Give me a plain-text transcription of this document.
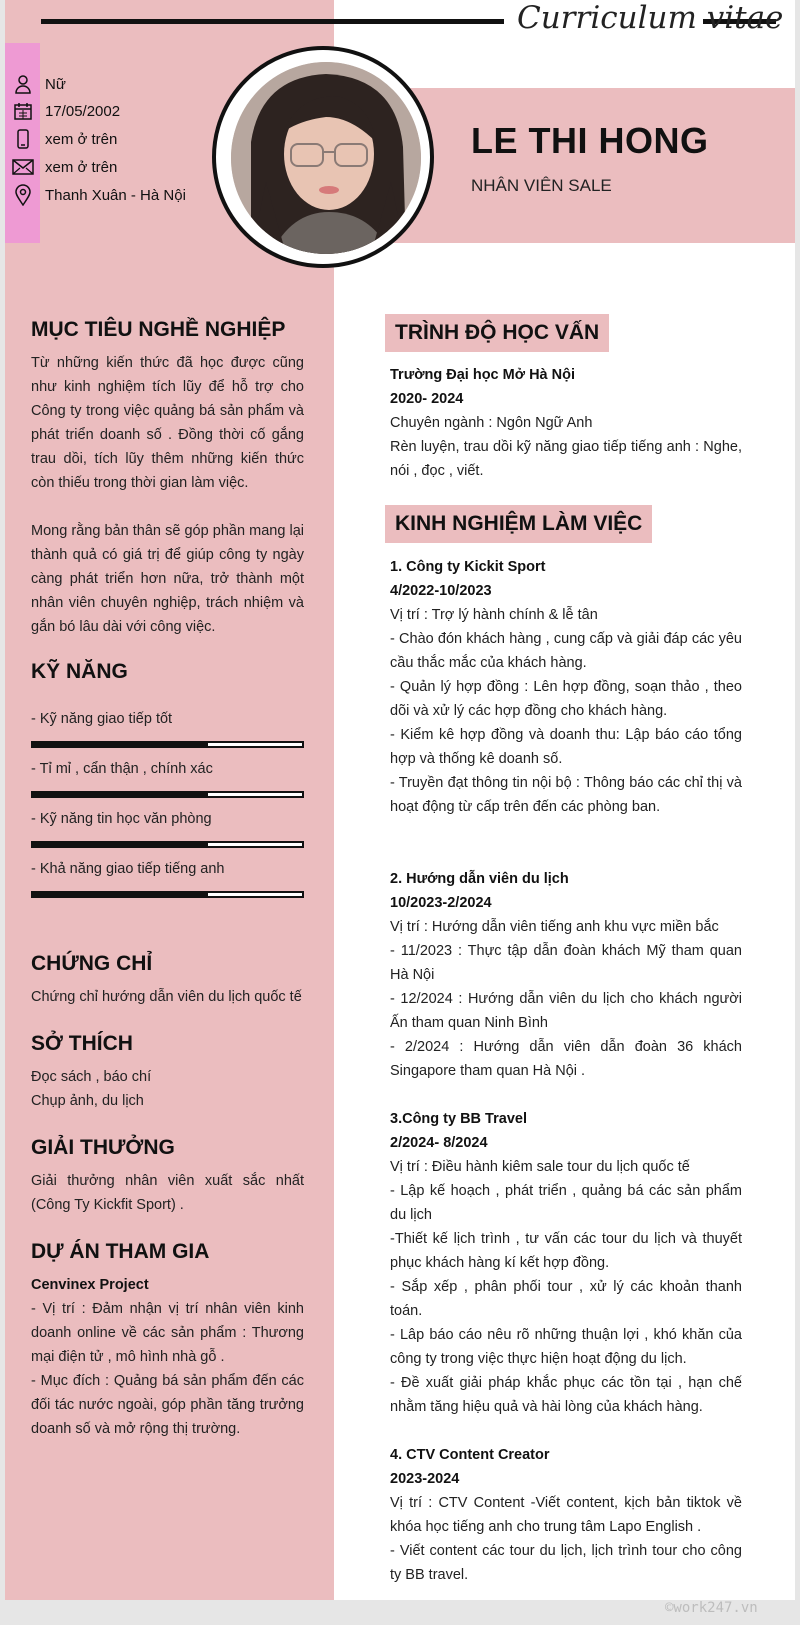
Curriculum vitae
LE THI HONG
NHÂN VIÊN SALE
Nữ
17/05/2002
xem ở trên
xem ở trên
Thanh Xuân - Hà Nội
MỤC TIÊU NGHỀ NGHIỆP

Từ những kiến thức đã học được cũng như kinh nghiệm tích lũy để hỗ trợ cho Công ty trong việc quảng bá sản phẩm và phát triển doanh số . Đồng thời cố gắng trau dồi, tích lũy thêm những kiến thức còn thiếu trong thời gian làm việc.

Mong rằng bản thân sẽ góp phần mang lại thành quả có giá trị để giúp công ty ngày càng phát triển hơn nữa, trở thành một nhân viên chuyên nghiệp, trách nhiệm và gắn bó lâu dài với công việc.

KỸ NĂNG
- Kỹ năng giao tiếp tốt
- Tỉ mỉ , cẩn thận , chính xác
- Kỹ năng tin học văn phòng
- Khả năng giao tiếp tiếng anh
CHỨNG CHỈ
Chứng chỉ hướng dẫn viên du lịch quốc tế
SỞ THÍCH

Đọc sách , báo chí

Chụp ảnh, du lịch

GIẢI THƯỞNG
Giải thưởng nhân viên xuất sắc nhất (Công Ty Kickfit Sport) .
DỰ ÁN THAM GIA

Cenvinex Project

- Vị trí : Đảm nhận vị trí nhân viên kinh doanh online về các sản phẩm : Thương mại điện tử , mô hình nhà gỗ .

- Mục đích : Quảng bá sản phẩm đến các đối tác nước ngoài, góp phần tăng trưởng doanh số và mở rộng thị trường.

TRÌNH ĐỘ HỌC VẤN

Trường Đại học Mở Hà Nội

2020- 2024

Chuyên ngành : Ngôn Ngữ Anh

Rèn luyện, trau dồi kỹ năng giao tiếp tiếng anh : Nghe, nói , đọc , viết.

KINH NGHIỆM LÀM VIỆC

1. Công ty Kickit Sport

4/2022-10/2023

Vị trí : Trợ lý hành chính & lễ tân

- Chào đón khách hàng , cung cấp và giải đáp các yêu cầu thắc mắc của khách hàng.

- Quản lý hợp đồng : Lên hợp đồng, soạn thảo , theo dõi và xử lý các hợp đồng cho khách hàng.

- Kiểm kê hợp đồng và doanh thu: Lập báo cáo tổng hợp và thống kê doanh số.

- Truyền đạt thông tin nội bộ : Thông báo các chỉ thị và hoạt động từ cấp trên đến các phòng ban.

2. Hướng dẫn viên du lịch

10/2023-2/2024

Vị trí : Hướng dẫn viên tiếng anh khu vực miền bắc

- 11/2023 : Thực tập dẫn đoàn khách Mỹ tham quan Hà Nội

- 12/2024 : Hướng dẫn viên du lịch cho khách người Ấn tham quan Ninh Bình

- 2/2024 : Hướng dẫn viên dẫn đoàn 36 khách Singapore tham quan Hà Nội .

3.Công ty BB Travel

2/2024- 8/2024

Vị trí : Điều hành kiêm sale tour du lịch quốc tế

- Lập kế hoạch , phát triển , quảng bá các sản phẩm du lịch

-Thiết kế lịch trình , tư vấn các tour du lịch và thuyết phục khách hàng kí kết hợp đồng.

- Sắp xếp , phân phối tour , xử lý các khoản thanh toán.

- Lâp báo cáo nêu rõ những thuận lợi , khó khăn của công ty trong việc thực hiện hoạt động du lịch.

- Đề xuất giải pháp khắc phục các tồn tại , hạn chế nhằm tăng hiệu quả và hài lòng của khách hàng.

4. CTV Content Creator

2023-2024

Vị trí : CTV Content -Viết content, kịch bản tiktok về khóa học tiếng anh cho trung tâm Lapo English .

- Viết content các tour du lịch, lịch trình tour cho công ty BB travel.

©work247.vn
